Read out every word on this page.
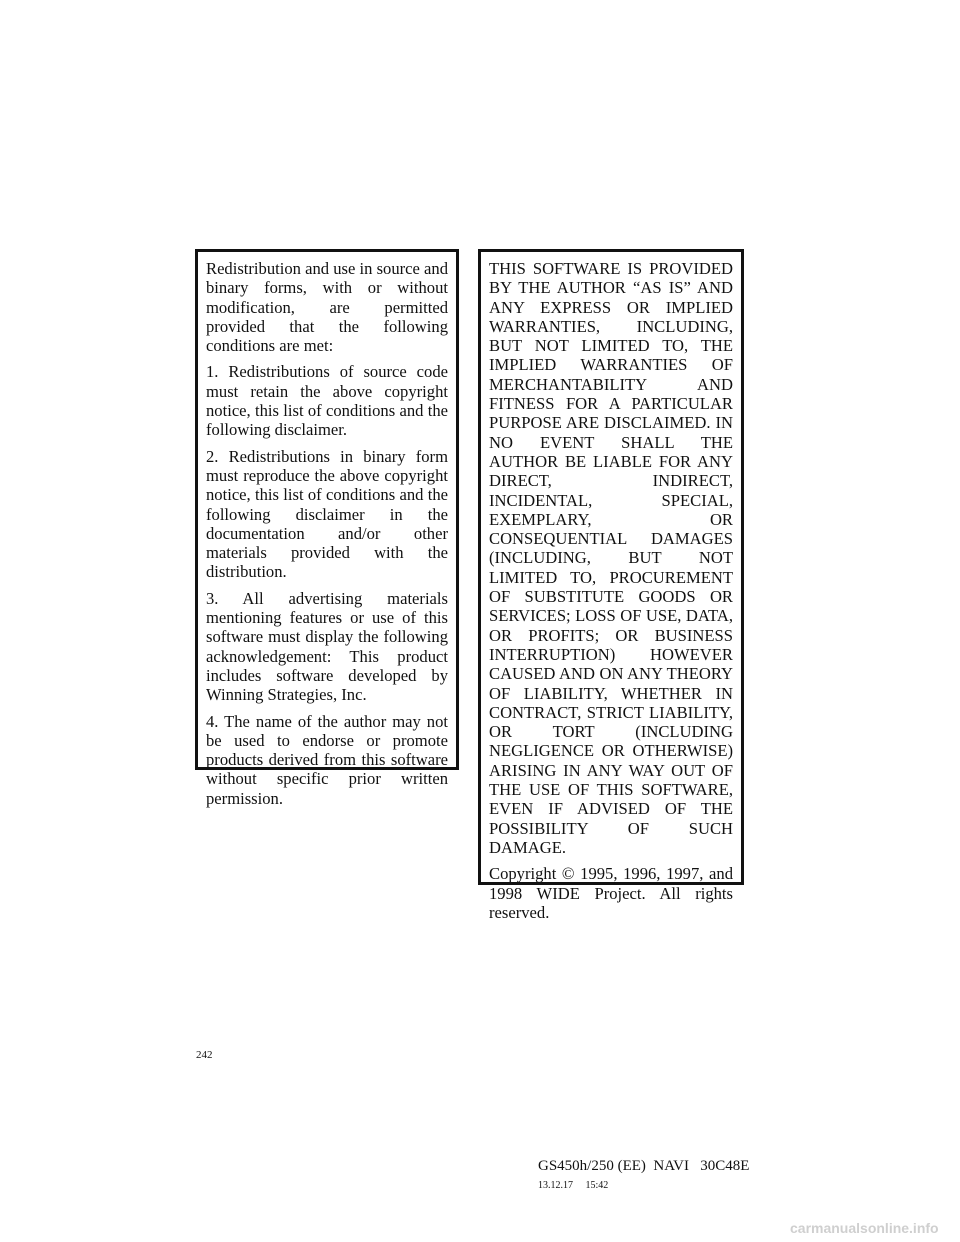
Redistribution and use in source and binary forms, with or without modification, are permitted provided that the following conditions are met:

1. Redistributions of source code must retain the above copyright notice, this list of conditions and the following disclaimer.

2. Redistributions in binary form must reproduce the above copyright notice, this list of conditions and the following disclaimer in the documentation and/or other materials provided with the distribution.

3. All advertising materials mentioning features or use of this software must display the following acknowledgement: This product includes software developed by Winning Strategies, Inc.

4. The name of the author may not be used to endorse or promote products derived from this software without specific prior written permission.

THIS SOFTWARE IS PROVIDED BY THE AUTHOR “AS IS” AND ANY EXPRESS OR IMPLIED WARRANTIES, INCLUDING, BUT NOT LIMITED TO, THE IMPLIED WARRANTIES OF MERCHANTABILITY AND FITNESS FOR A PARTICULAR PURPOSE ARE DISCLAIMED. IN NO EVENT SHALL THE AUTHOR BE LIABLE FOR ANY DIRECT, INDIRECT, INCIDENTAL, SPECIAL, EXEMPLARY, OR CONSEQUENTIAL DAMAGES (INCLUDING, BUT NOT LIMITED TO, PROCUREMENT OF SUBSTITUTE GOODS OR SERVICES; LOSS OF USE, DATA, OR PROFITS; OR BUSINESS INTERRUPTION) HOWEVER CAUSED AND ON ANY THEORY OF LIABILITY, WHETHER IN CONTRACT, STRICT LIABILITY, OR TORT (INCLUDING NEGLIGENCE OR OTHERWISE) ARISING IN ANY WAY OUT OF THE USE OF THIS SOFTWARE, EVEN IF ADVISED OF THE POSSIBILITY OF SUCH DAMAGE.

Copyright © 1995, 1996, 1997, and 1998 WIDE Project. All rights reserved.

242
GS450h/250 (EE)  NAVI   30C48E
13.12.17     15:42
carmanualsonline.info
